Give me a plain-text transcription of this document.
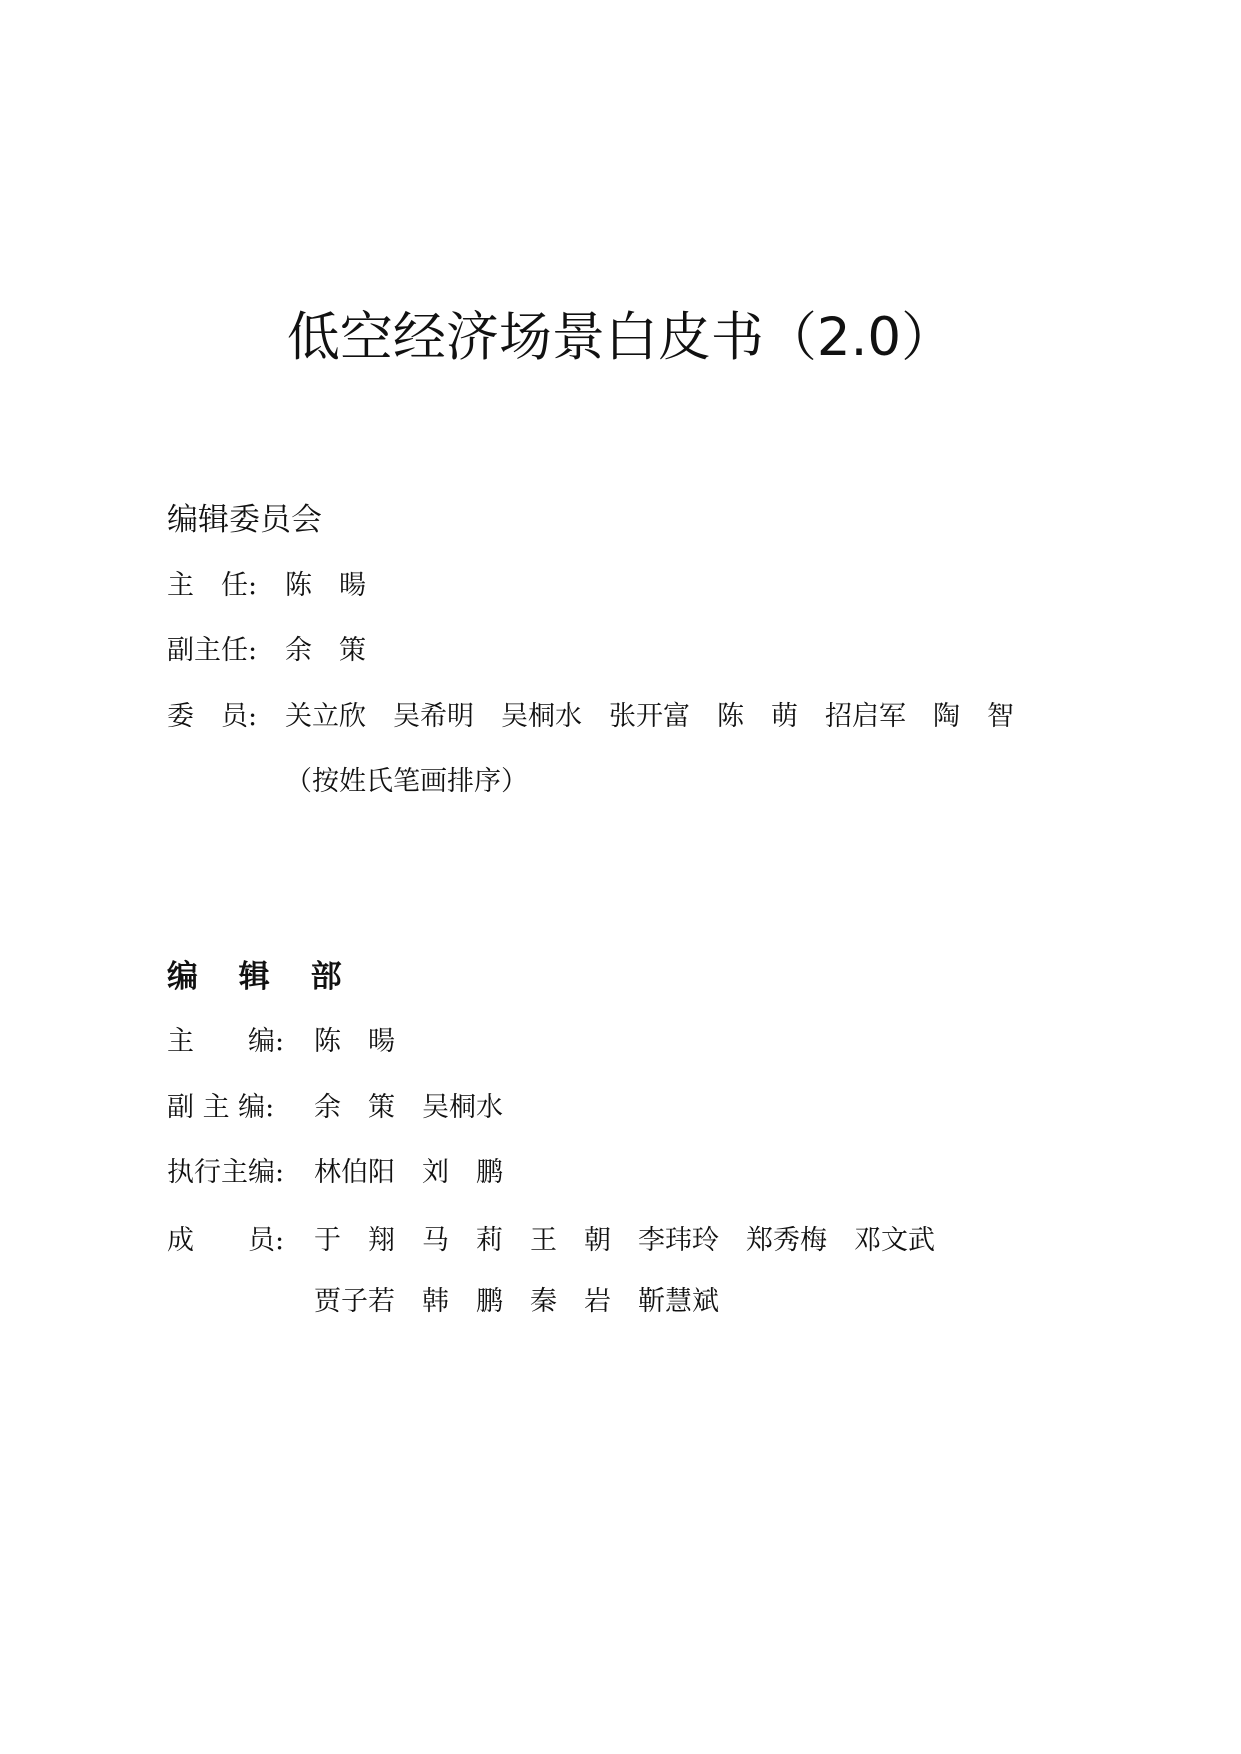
低空经济场景白皮书（2.0）
编辑委员会
主　任: 陈　暘
副主任: 余　策
委　员: 关立欣　吴希明　吴桐水　张开富　陈　萌　招启军　陶　智
（按姓氏笔画排序）
编 辑 部
主　　编: 陈　暘
副 主 编: 余　策　吴桐水
执行主编: 林伯阳　刘　鹏
成　　员: 于　翔　马　莉　王　朝　李玮玲　郑秀梅　邓文武
贾子若　韩　鹏　秦　岩　靳慧斌
